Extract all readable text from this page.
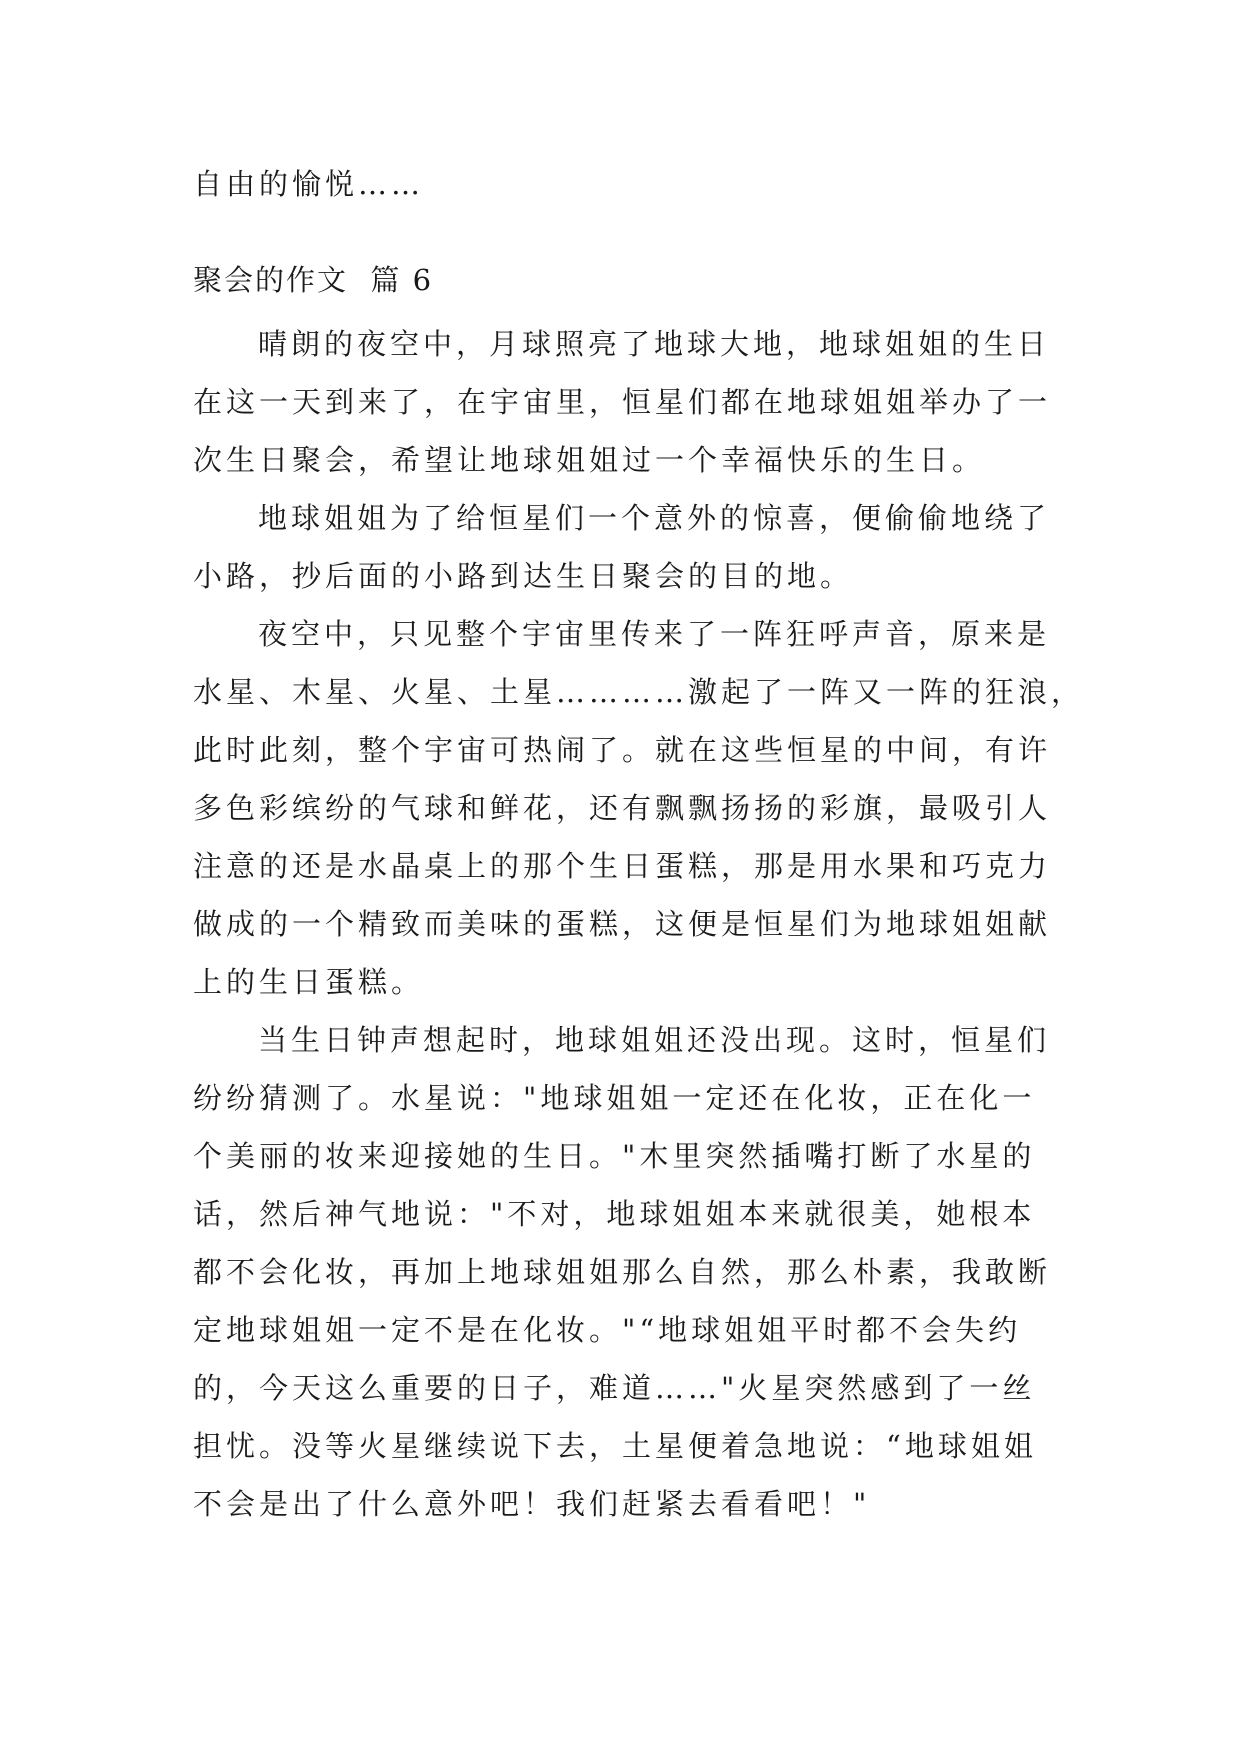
自由的愉悦……
聚会的作文  篇 6
晴朗的夜空中，月球照亮了地球大地，地球姐姐的生日
在这一天到来了，在宇宙里，恒星们都在地球姐姐举办了一
次生日聚会，希望让地球姐姐过一个幸福快乐的生日。
地球姐姐为了给恒星们一个意外的惊喜，便偷偷地绕了
小路，抄后面的小路到达生日聚会的目的地。
夜空中，只见整个宇宙里传来了一阵狂呼声音，原来是
水星、木星、火星、土星…………激起了一阵又一阵的狂浪，
此时此刻，整个宇宙可热闹了。就在这些恒星的中间，有许
多色彩缤纷的气球和鲜花，还有飘飘扬扬的彩旗，最吸引人
注意的还是水晶桌上的那个生日蛋糕，那是用水果和巧克力
做成的一个精致而美味的蛋糕，这便是恒星们为地球姐姐献
上的生日蛋糕。
当生日钟声想起时，地球姐姐还没出现。这时，恒星们
纷纷猜测了。水星说："地球姐姐一定还在化妆，正在化一
个美丽的妆来迎接她的生日。"木里突然插嘴打断了水星的
话，然后神气地说："不对，地球姐姐本来就很美，她根本
都不会化妆，再加上地球姐姐那么自然，那么朴素，我敢断
定地球姐姐一定不是在化妆。"“地球姐姐平时都不会失约
的，今天这么重要的日子，难道……"火星突然感到了一丝
担忧。没等火星继续说下去，土星便着急地说：“地球姐姐
不会是出了什么意外吧！我们赶紧去看看吧！"
